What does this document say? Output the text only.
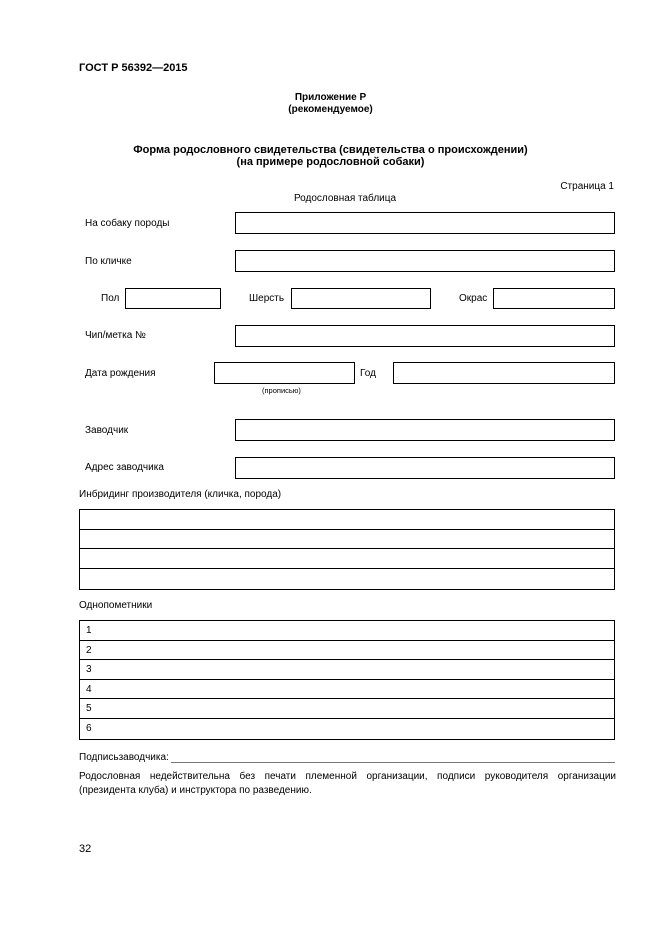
ГОСТ Р 56392—2015
Приложение Р
(рекомендуемое)
Форма родословного свидетельства (свидетельства о происхождении)
(на примере родословной собаки)
Страница 1
Родословная таблица
На собаку породы
По кличке
Пол	Шерсть	Окрас
Чип/метка №
Дата рождения
(прописью)
Год
Заводчик
Адрес заводчика
Инбридинг производителя (кличка, порода)
Однопометники
1
2
3
4
5
6
Подписьзаводчика:
Родословная недействительна без печати племенной организации, подписи руководителя организации (президента клуба) и инструктора по разведению.
32
